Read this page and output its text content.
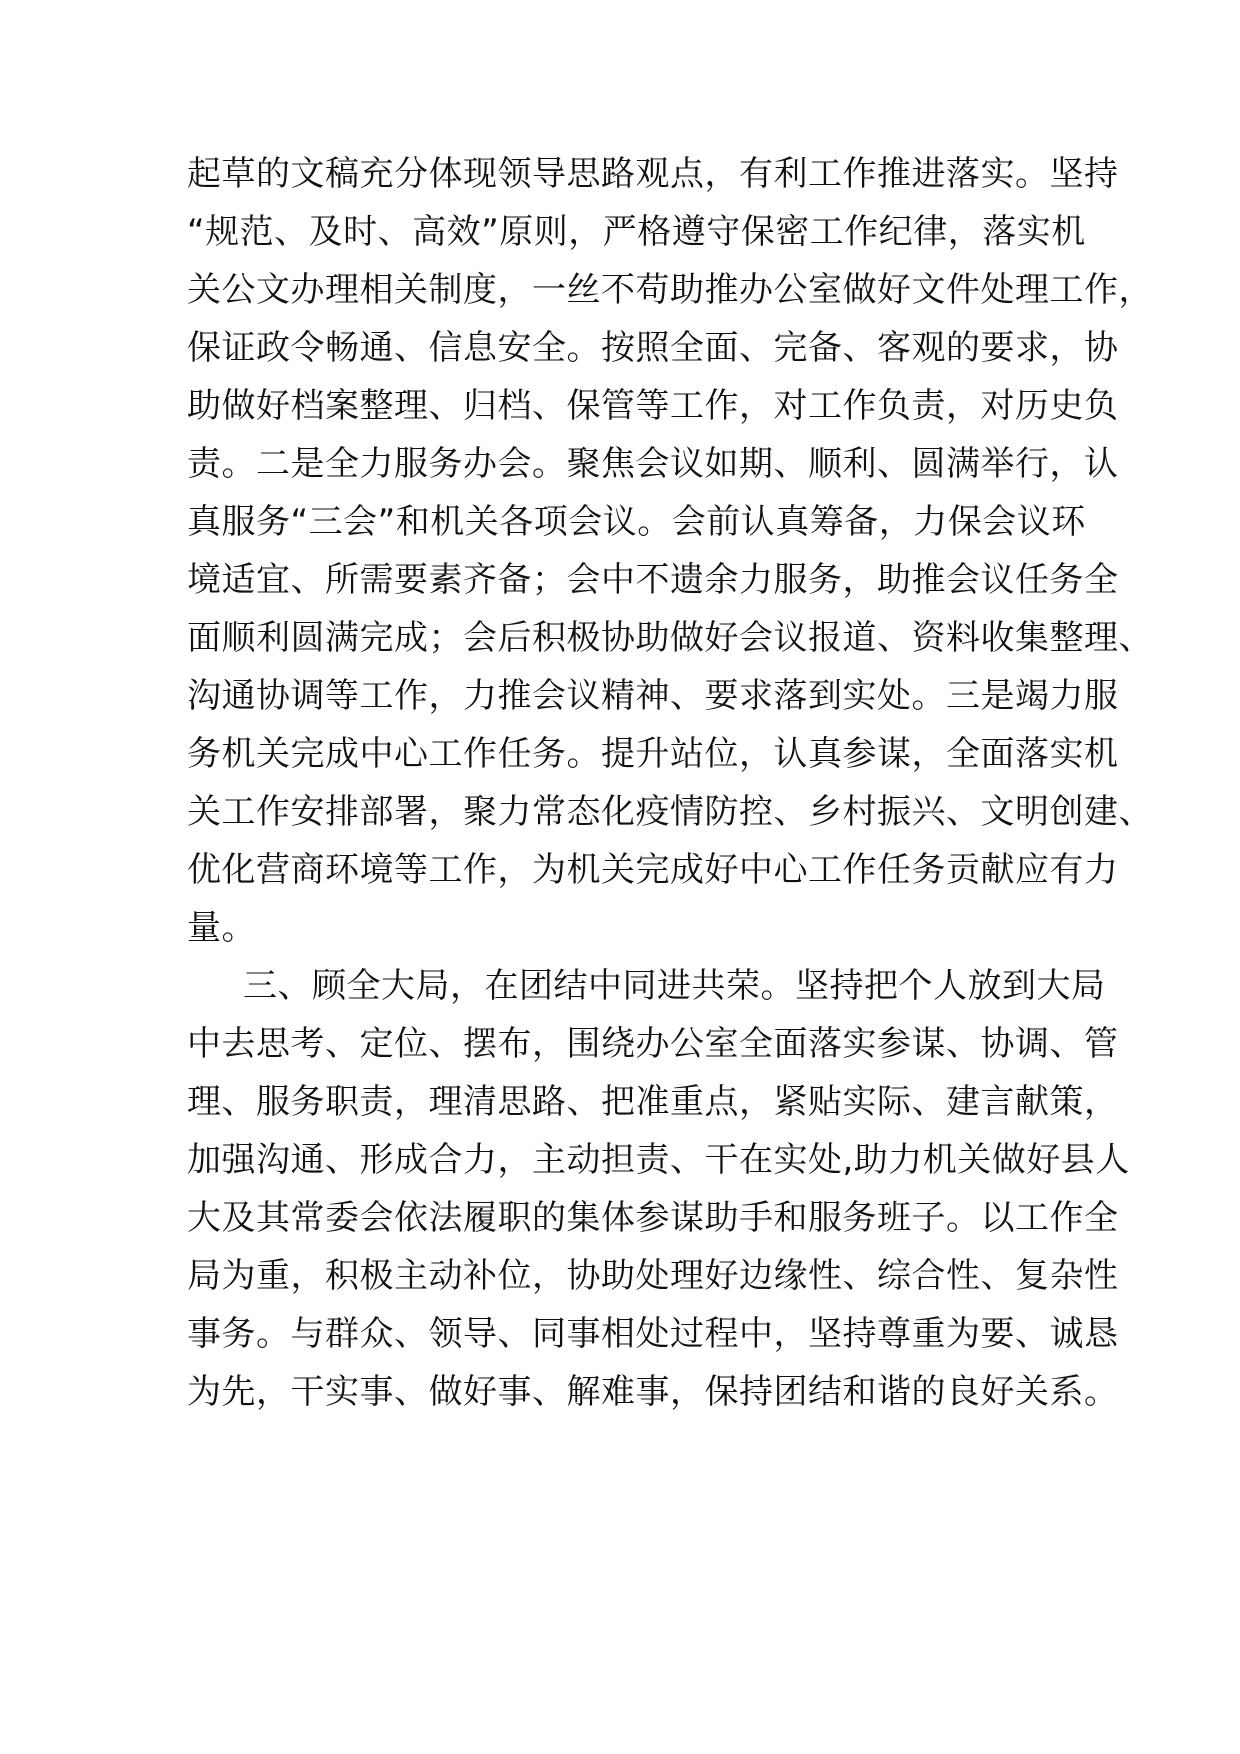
起草的文稿充分体现领导思路观点，有利工作推进落实。坚持
“规范、及时、高效”原则，严格遵守保密工作纪律，落实机
关公文办理相关制度，一丝不苟助推办公室做好文件处理工作，
保证政令畅通、信息安全。按照全面、完备、客观的要求，协
助做好档案整理、归档、保管等工作，对工作负责，对历史负
责。二是全力服务办会。聚焦会议如期、顺利、圆满举行，认
真服务“三会”和机关各项会议。会前认真筹备，力保会议环
境适宜、所需要素齐备；会中不遗余力服务，助推会议任务全
面顺利圆满完成；会后积极协助做好会议报道、资料收集整理、
沟通协调等工作，力推会议精神、要求落到实处。三是竭力服
务机关完成中心工作任务。提升站位，认真参谋，全面落实机
关工作安排部署，聚力常态化疫情防控、乡村振兴、文明创建、
优化营商环境等工作，为机关完成好中心工作任务贡献应有力
量。
三、顾全大局，在团结中同进共荣。坚持把个人放到大局
中去思考、定位、摆布，围绕办公室全面落实参谋、协调、管
理、服务职责，理清思路、把准重点，紧贴实际、建言献策，
加强沟通、形成合力，主动担责、干在实处,助力机关做好县人
大及其常委会依法履职的集体参谋助手和服务班子。以工作全
局为重，积极主动补位，协助处理好边缘性、综合性、复杂性
事务。与群众、领导、同事相处过程中，坚持尊重为要、诚恳
为先，干实事、做好事、解难事，保持团结和谐的良好关系。
